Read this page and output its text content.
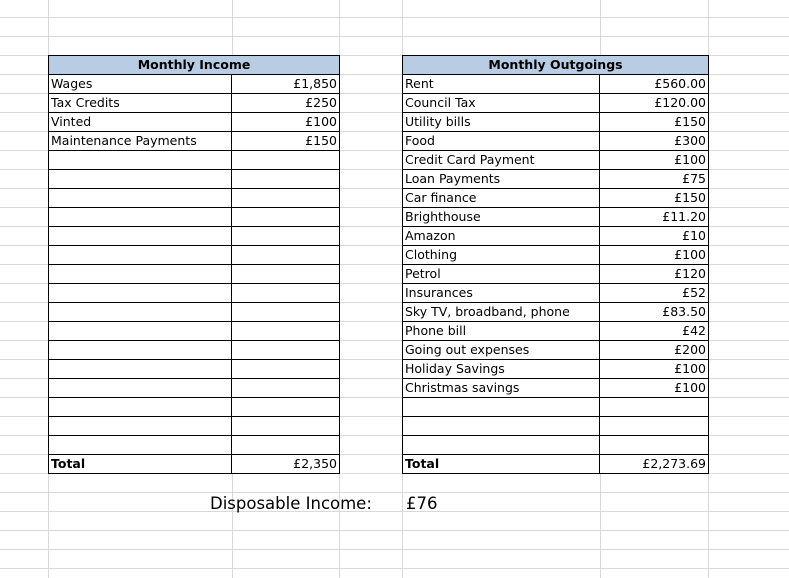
Monthly Income	
Wages	£1,850
Tax Credits	£250
Vinted	£100
Maintenance Payments	£150

Total	£2,350
Monthly Outgoings	
Rent	£560.00
Council Tax	£120.00
Utility bills	£150
Food	£300
Credit Card Payment	£100
Loan Payments	£75
Car finance	£150
Brighthouse	£11.20
Amazon	£10
Clothing	£100
Petrol	£120
Insurances	£52
Sky TV, broadband, phone	£83.50
Phone bill	£42
Going out expenses	£200
Holiday Savings	£100
Christmas savings	£100

Total	£2,273.69
Disposable Income: £76
